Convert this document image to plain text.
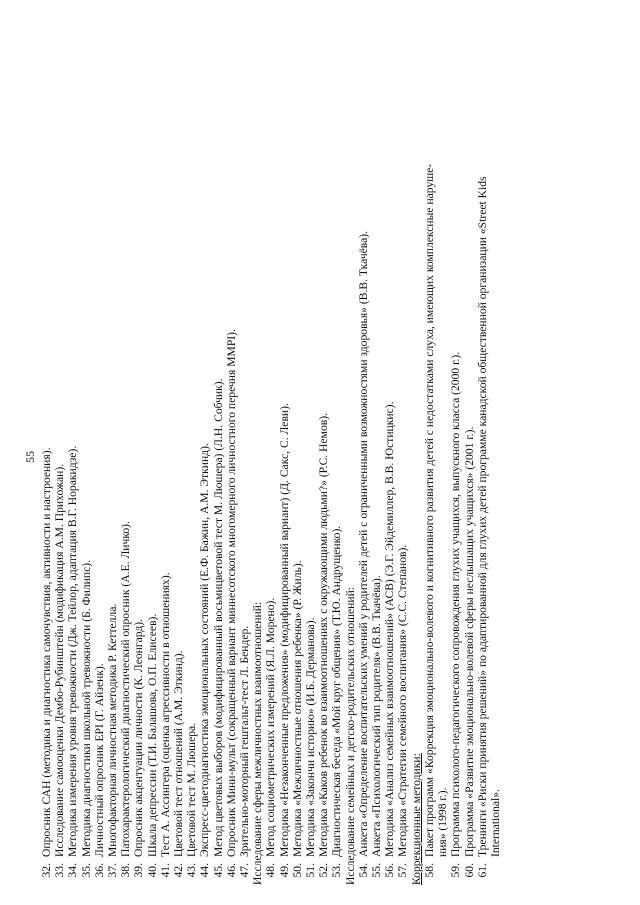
55
32.
Опросник САН (методика и диагностика самочувствия, активности и настроения).
33.
Исследование самооценки Дембо-Рубинштейн (модификация А.М. Прихожан).
34.
Методика измерения уровня тревожности (Дж. Тейлор, адаптация В.Г. Норакидзе).
35.
Методика диагностики школьной тревожности (Б. Филипс).
36.
Личностный опросник EPI (Г. Айзенк).
37.
Многофакторная личностная методика Р. Кеттелла.
38.
Патохарактерологический диагностический опросник (А.Е. Личко).
39.
Опросник акцентуации личности (К. Леонгард).
40.
Шкала депрессии (Т.И. Балашова, О.П. Елисеев).
41.
Тест А. Ассингера (оценка агрессивности в отношениях).
42.
Цветовой тест отношений (А.М. Эткинд).
43.
Цветовой тест М. Люшера.
44.
Экспресс-цветодиагностика эмоциональных состояний (Е.Ф. Бажин, А.М. Эткинд).
45.
Метод цветовых выборов (модифицированный восьмицветовой тест М. Люшера) (Л.Н. Собчик).
46.
Опросник Мини-мульт (сокращенный вариант миннесотского многомерного личностного перечня MMPI).
47.
Зрительно-моторный гештальт-тест Л. Бендер. Исследование сферы межличностных взаимоотношений: 48.
Метод социометрических измерений (Я.Л. Морено).
49.
Методика «Незаконченные предложения» (модифицированный вариант) (Д. Сакс, С. Леви).
50.
Методика «Межличностные отношения ребенка» (Р. Жиль).
51.
Методика «Закончи историю» (И.Б. Дерманова).
52.
Методика «Каков ребенок во взаимоотношениях с окружающими людьми?» (Р.С. Немов).
53.
Диагностическая беседа «Мой круг общения» (Т.Ю. Андрущенко). Исследование семейных и детско-родительских отношений: 54.
Анкета «Определение воспитательских умений у родителей детей с ограниченными возможностями здоровья» (В.В. Ткачёва).
55.
Анкета «Психологический тип родителя» (В.В. Ткачёва).
56.
Методика «Анализ семейных взаимоотношений» (АСВ) (Э.Г. Эйдемиллер, В.В. Юстицкис).
57.
Методика «Стратегии семейного воспитания» (С.С. Степанов). Коррекционные методики: 58.
Пакет программ «Коррекция эмоционально-волевого и когнитивного развития детей с недостатками слуха, имеющих комплексные наруше- ния» (1998 г.).
59.
Программа психолого-педагогического сопровождения глухих учащихся, выпускного класса (2000 г.).
60.
Программа «Развитие эмоционально-волевой сферы неслышащих учащихся» (2001 г.).
61.
Тренинги «Риски принятия решений» по адаптированной для глухих детей программе канадской общественной организации «Street Kids International».
